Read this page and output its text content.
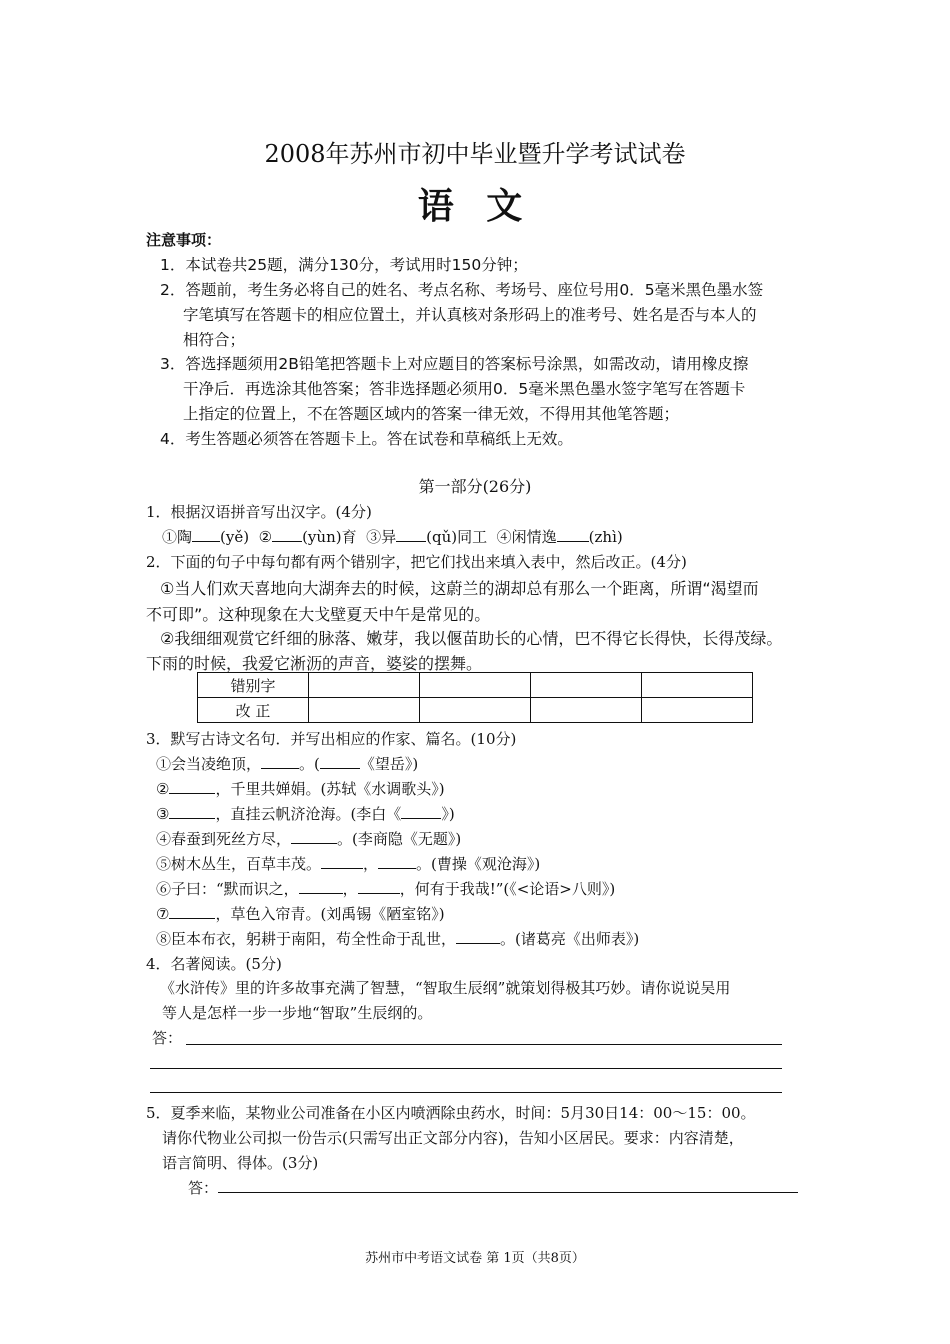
2008年苏州市初中毕业暨升学考试试卷
语 文
注意事项：
1．本试卷共25题，满分130分，考试用时150分钟；
2．答题前，考生务必将自己的姓名、考点名称、考场号、座位号用0．5毫米黑色墨水签
字笔填写在答题卡的相应位置土，并认真核对条形码上的准考号、姓名是否与本人的
相符合；
3．答选择题须用2B铅笔把答题卡上对应题目的答案标号涂黑，如需改动，请用橡皮擦
干净后．再选涂其他答案；答非选择题必须用0．5毫米黑色墨水签字笔写在答题卡
上指定的位置上，不在答题区域内的答案一律无效，不得用其他笔答题；
4．考生答题必须答在答题卡上。答在试卷和草稿纸上无效。
第一部分(26分)
1．根据汉语拼音写出汉字。(4分)
①陶 (yě) ② (yùn)育 ③异 (qǔ)同工 ④闲情逸 (zhì)
2．下面的句子中每句都有两个错别字，把它们找出来填入表中，然后改正。(4分)
①当人们欢天喜地向大湖奔去的时候，这蔚兰的湖却总有那么一个距离，所谓“渴望而
不可即”。这种现象在大戈壁夏天中午是常见的。
②我细细观赏它纤细的脉落、嫩芽，我以偃苗助长的心情，巴不得它长得快，长得茂绿。
下雨的时候，我爱它淅沥的声音，婆娑的摆舞。
错别字				
改 正				
3．默写古诗文名句．并写出相应的作家、篇名。(10分)
①会当凌绝顶，	。(	《望岳》)
②	，千里共婵娟。(苏轼《水调歌头》)
③	，直挂云帆济沧海。(李白《	》)
④春蚕到死丝方尽，	。(李商隐《无题》)
⑤树木丛生，百草丰茂。	，	。(曹操《观沧海》)
⑥子曰：“默而识之，	，	，何有于我哉!”(《<论语>八则》)
⑦	，草色入帘青。(刘禹锡《陋室铭》)
⑧臣本布衣，躬耕于南阳，苟全性命于乱世，	。(诸葛亮《出师表》)
4．名著阅读。(5分)
《水浒传》里的许多故事充满了智慧，“智取生辰纲”就策划得极其巧妙。请你说说吴用
等人是怎样一步一步地“智取”生辰纲的。
答：
5．夏季来临，某物业公司准备在小区内喷洒除虫药水，时间：5月30日14：00～15：00。
请你代物业公司拟一份告示(只需写出正文部分内容)，告知小区居民。要求：内容清楚，
语言简明、得体。(3分)
答：
苏州市中考语文试卷 第 1页（共8页）
